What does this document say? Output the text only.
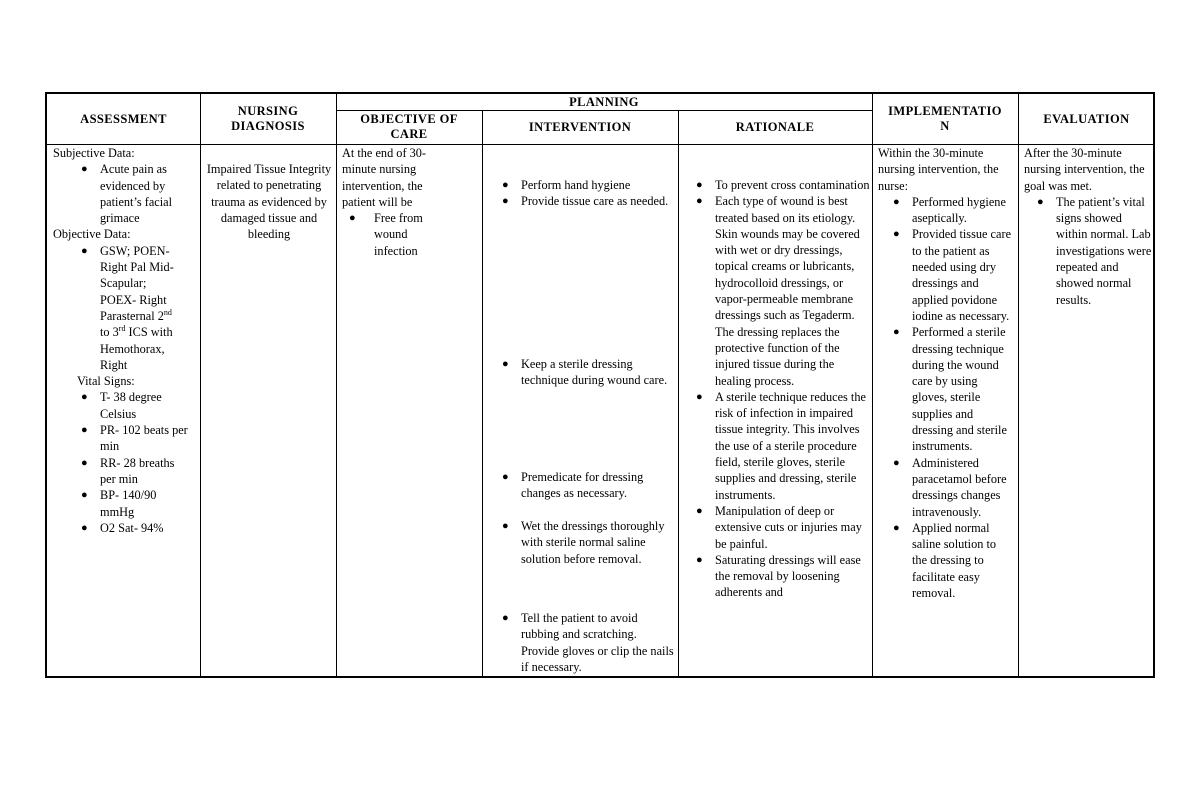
ASSESSMENT
NURSING
DIAGNOSIS
PLANNING
OBJECTIVE OF
CARE
INTERVENTION	RATIONALE
IMPLEMENTATIO
N
EVALUATION
Subjective Data:
● Acute pain as evidenced by patient’s facial grimace
Objective Data:
● GSW; POEN-
Right Pal Mid-
Scapular;
POEX- Right
Parasternal 2nd
to 3rd ICS with
Hemothorax,
Right
Vital Signs:
● T- 38 degree Celsius
● PR- 102 beats per min
● RR- 28 breaths per min
● BP- 140/90 mmHg
● O2 Sat- 94%
Impaired Tissue Integrity related to penetrating trauma as evidenced by damaged tissue and bleeding
At the end of 30-minute nursing intervention, the patient will be
● Free from wound infection
● Perform hand hygiene
● Provide tissue care as needed.
● Keep a sterile dressing technique during wound care.
● Premedicate for dressing changes as necessary.
● Wet the dressings thoroughly with sterile normal saline solution before removal.
● Tell the patient to avoid rubbing and scratching. Provide gloves or clip the nails if necessary.
● To prevent cross contamination
● Each type of wound is best treated based on its etiology. Skin wounds may be covered with wet or dry dressings, topical creams or lubricants, hydrocolloid dressings, or vapor-permeable membrane dressings such as Tegaderm. The dressing replaces the protective function of the injured tissue during the healing process.
● A sterile technique reduces the risk of infection in impaired tissue integrity. This involves the use of a sterile procedure field, sterile gloves, sterile supplies and dressing, sterile instruments.
● Manipulation of deep or extensive cuts or injuries may be painful.
● Saturating dressings will ease the removal by loosening adherents and
Within the 30-minute nursing intervention, the nurse:
● Performed hygiene aseptically.
● Provided tissue care to the patient as needed using dry dressings and applied povidone iodine as necessary.
● Performed a sterile dressing technique during the wound care by using gloves, sterile supplies and dressing and sterile instruments.
● Administered paracetamol before dressings changes intravenously.
● Applied normal saline solution to the dressing to facilitate easy removal.
After the 30-minute nursing intervention, the goal was met.
● The patient’s vital signs showed within normal. Lab investigations were repeated and showed normal results.
